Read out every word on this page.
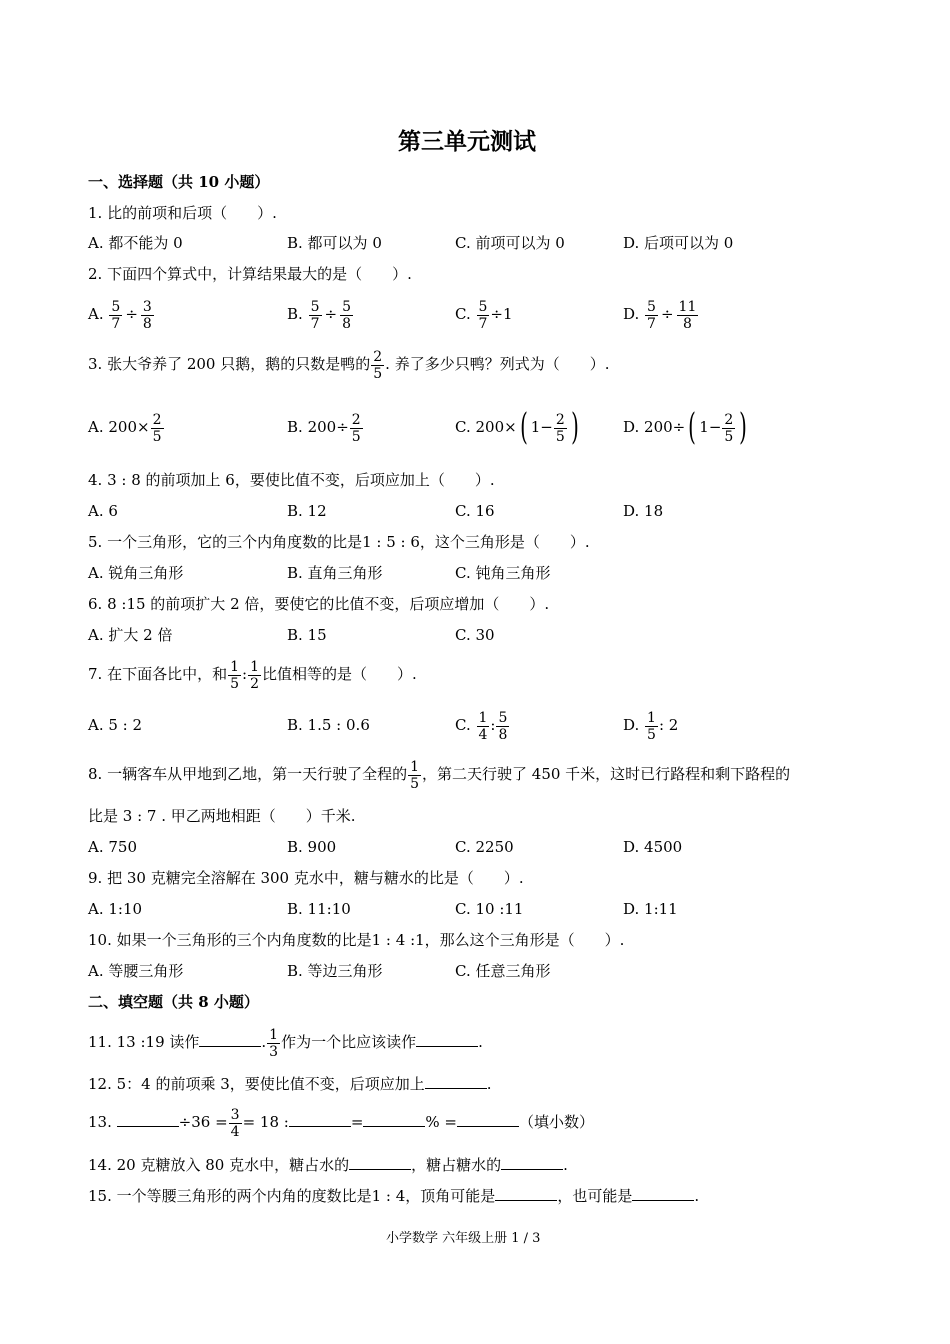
第三单元测试
一、选择题（共 10 小题）
1. 比的前项和后项（　　）.
A. 都不能为 0	B. 都可以为 0	C. 前项可以为 0	D. 后项可以为 0
2. 下面四个算式中，计算结果最大的是（　　）.
A. $\frac{5}{7} \div \frac{3}{8}$	B. $\frac{5}{7} \div \frac{5}{8}$	C. $\frac{5}{7} \div 1$	D. $\frac{5}{7} \div \frac{11}{8}$
3. 张大爷养了 200 只鹅，鹅的只数是鸭的 $\frac{2}{5}$ . 养了多少只鸭？列式为（　　）.
A. $200\times \frac{2}{5}$	B. $200\div \frac{2}{5}$	C. 200×( $1- \frac{2}{5}$ )	D. 200÷( $1- \frac{2}{5}$ )
4. 3 : 8 的前项加上 6，要使比值不变，后项应加上（　　）.
A. 6	B. 12	C. 16	D. 18
5. 一个三角形，它的三个内角度数的比是1 : 5 : 6，这个三角形是（　　）.
A. 锐角三角形	B. 直角三角形	C. 钝角三角形
6. 8 :15 的前项扩大 2 倍，要使它的比值不变，后项应增加（　　）.
A. 扩大 2 倍	B. 15	C. 30
7. 在下面各比中，和 $\frac{1}{5}$ : $\frac{1}{2}$ 比值相等的是（　　）.
A. 5 : 2	B. 1.5 : 0.6	C. $\frac{1}{4}$ : $\frac{5}{8}$	D. $\frac{1}{5}$ : 2
8. 一辆客车从甲地到乙地，第一天行驶了全程的 $\frac{1}{5}$ ，第二天行驶了 450 千米，这时已行路程和剩下路程的
比是 3 : 7 . 甲乙两地相距（　　）千米.
A. 750	B. 900	C. 2250	D. 4500
9. 把 30 克糖完全溶解在 300 克水中，糖与糖水的比是（　　）.
A. 1:10	B. 11:10	C. 10 :11	D. 1:11
10. 如果一个三角形的三个内角度数的比是1 : 4 :1，那么这个三角形是（　　）.
A. 等腰三角形	B. 等边三角形	C. 任意三角形
二、填空题（共 8 小题）
11. 13 :19 读作	. $\frac{1}{3}$ 作为一个比应该读作	.
12. 5：4 的前项乘 3，要使比值不变，后项应加上	.
13.	$\div 36 = \frac{3}{4} = 18$ :	=	% =	（填小数）
14. 20 克糖放入 80 克水中，糖占水的	，糖占糖水的	.
15. 一个等腰三角形的两个内角的度数比是1 : 4，顶角可能是	，也可能是	.
小学数学 六年级上册 1 / 3
